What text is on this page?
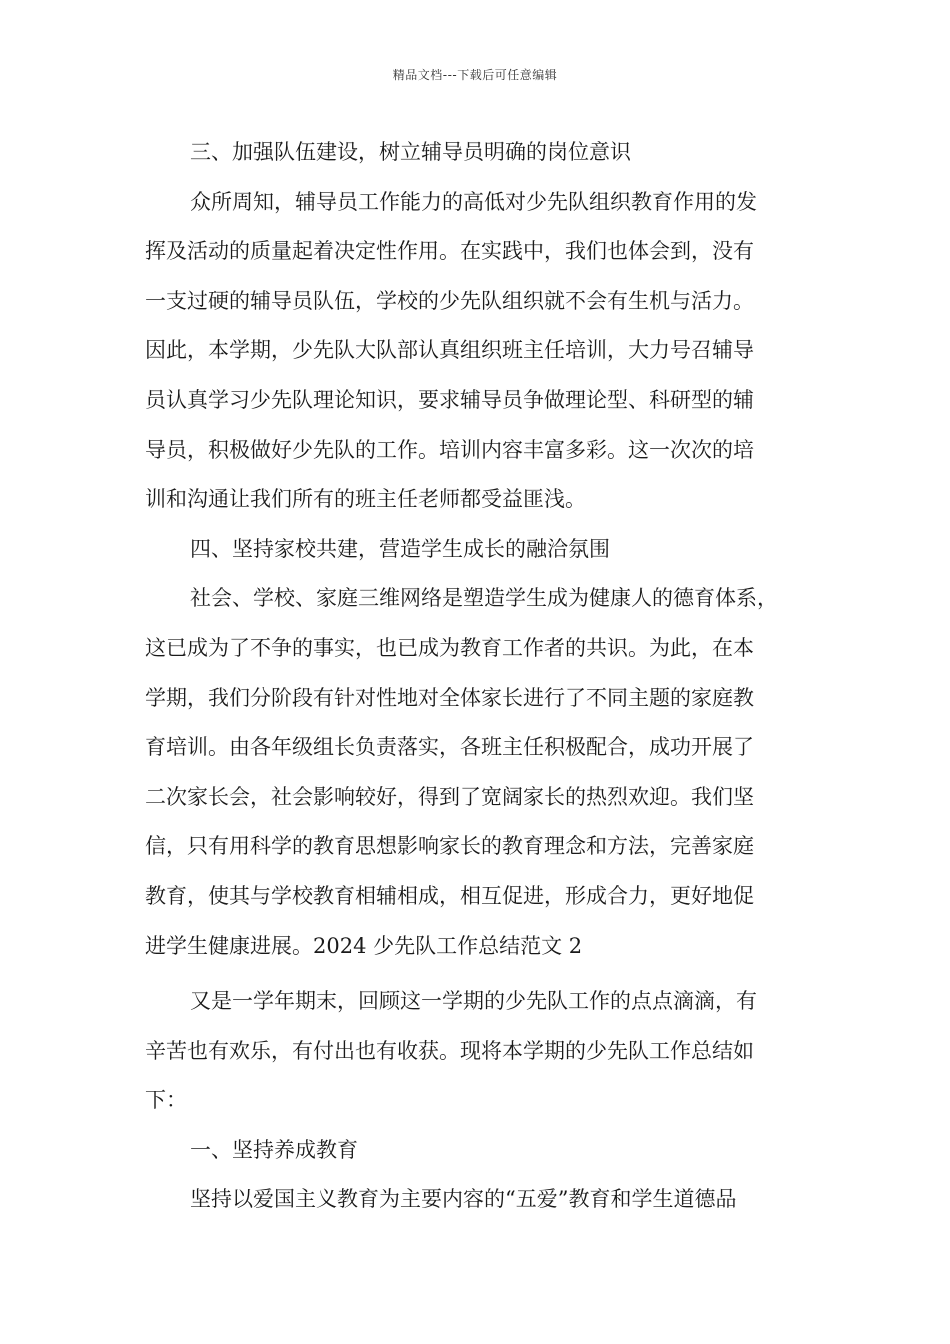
精品文档---下载后可任意编辑
三、加强队伍建设，树立辅导员明确的岗位意识
众所周知，辅导员工作能力的高低对少先队组织教育作用的发
挥及活动的质量起着决定性作用。在实践中，我们也体会到，没有
一支过硬的辅导员队伍，学校的少先队组织就不会有生机与活力。
因此，本学期，少先队大队部认真组织班主任培训，大力号召辅导
员认真学习少先队理论知识，要求辅导员争做理论型、科研型的辅
导员，积极做好少先队的工作。培训内容丰富多彩。这一次次的培
训和沟通让我们所有的班主任老师都受益匪浅。
四、坚持家校共建，营造学生成长的融洽氛围
社会、学校、家庭三维网络是塑造学生成为健康人的德育体系，
这已成为了不争的事实，也已成为教育工作者的共识。为此，在本
学期，我们分阶段有针对性地对全体家长进行了不同主题的家庭教
育培训。由各年级组长负责落实，各班主任积极配合，成功开展了
二次家长会，社会影响较好，得到了宽阔家长的热烈欢迎。我们坚
信，只有用科学的教育思想影响家长的教育理念和方法，完善家庭
教育，使其与学校教育相辅相成，相互促进，形成合力，更好地促
进学生健康进展。2024 少先队工作总结范文 2
又是一学年期末，回顾这一学期的少先队工作的点点滴滴，有
辛苦也有欢乐，有付出也有收获。现将本学期的少先队工作总结如
下：
一、坚持养成教育
坚持以爱国主义教育为主要内容的“五爱”教育和学生道德品
